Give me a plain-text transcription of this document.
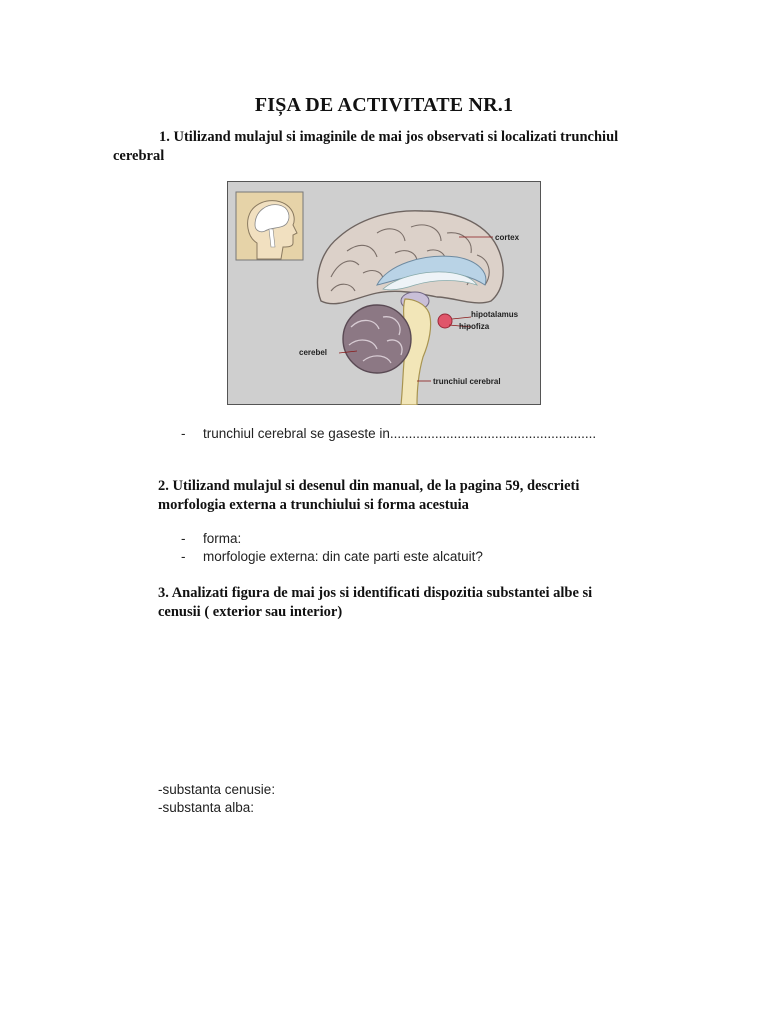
FIȘA DE ACTIVITATE NR.1
1. Utilizand mulajul si imaginile de mai jos observati si localizati trunchiul cerebral
cortex
hipotalamus
hipofiza
cerebel
trunchiul cerebral
- trunchiul cerebral se gaseste in.......................................................
2. Utilizand mulajul si desenul din manual, de la pagina 59, descrieti morfologia externa a trunchiului si forma acestuia
- forma:
- morfologie externa: din cate parti este alcatuit?
3. Analizati figura de mai jos si identificati dispozitia substantei albe si cenusii ( exterior sau interior)
-substanta cenusie:
-substanta alba:
